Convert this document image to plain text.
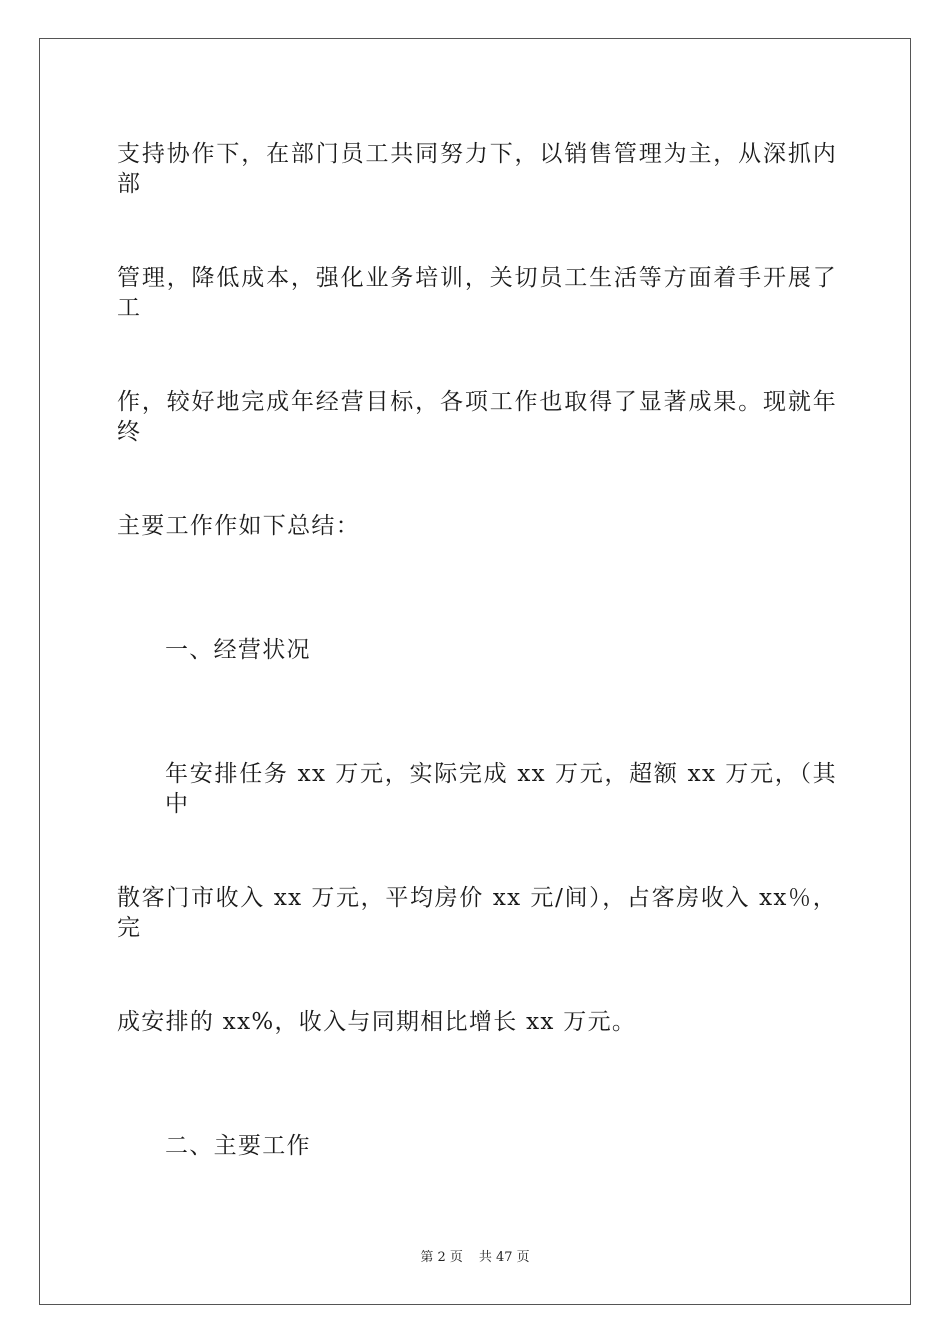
支持协作下，在部门员工共同努力下，以销售管理为主，从深抓内部
管理，降低成本，强化业务培训，关切员工生活等方面着手开展了工
作，较好地完成年经营目标，各项工作也取得了显著成果。现就年终
主要工作作如下总结：
一、经营状况
年安排任务 xx 万元，实际完成 xx 万元，超额 xx 万元，（其中
散客门市收入 xx 万元，平均房价 xx 元/间），占客房收入 xx％，完
成安排的 xx%，收入与同期相比增长 xx 万元。
二、主要工作
第 2 页 共 47 页
